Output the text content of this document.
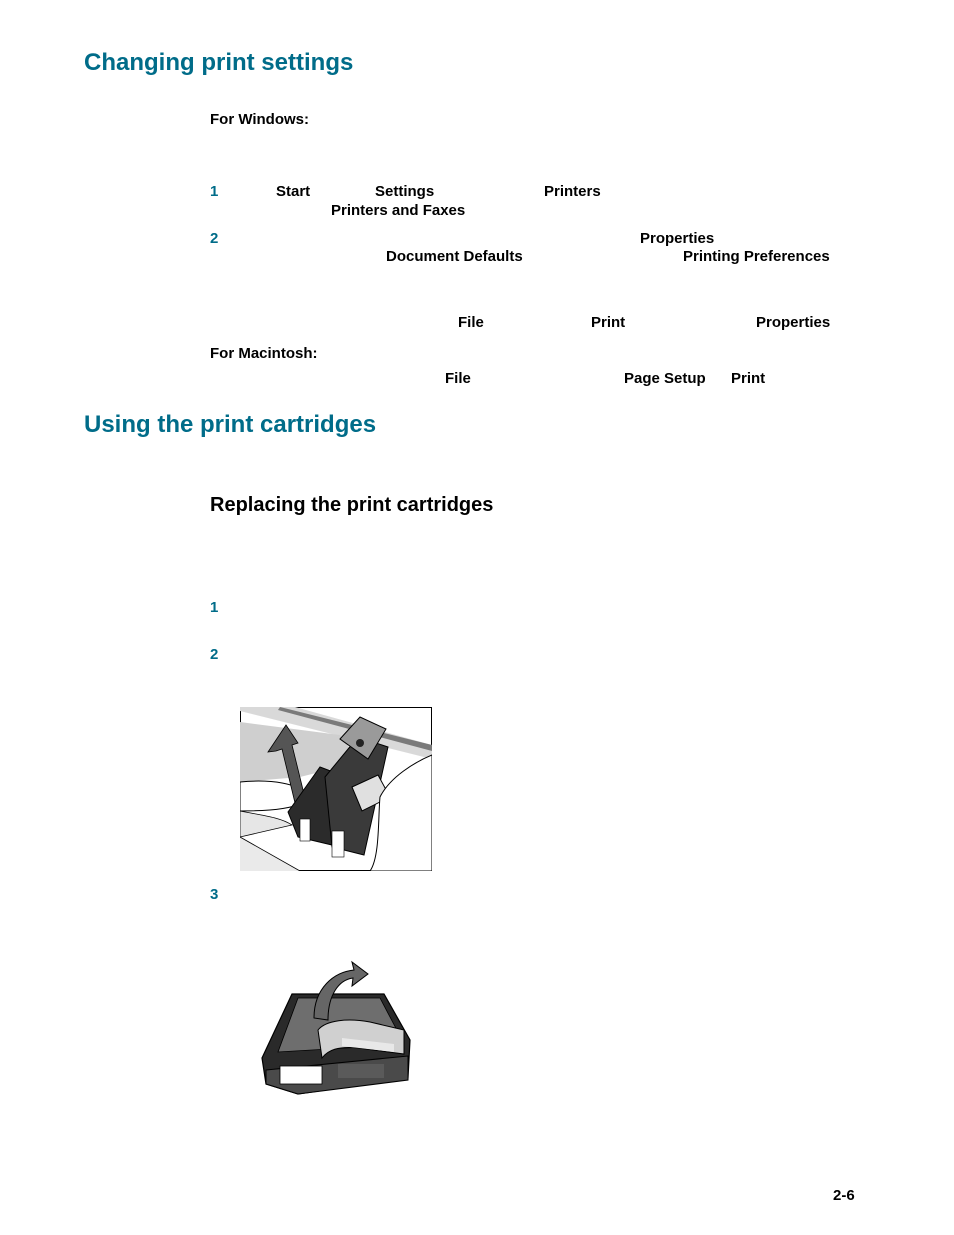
Changing print settings
For Windows:
1	Start	Settings	Printers
Printers and Faxes
2	Properties
Document Defaults	Printing Preferences
File	Print	Properties
For Macintosh:
File	Page Setup Print
Using the print cartridges
Replacing the print cartridges
1
2
3
2-6
